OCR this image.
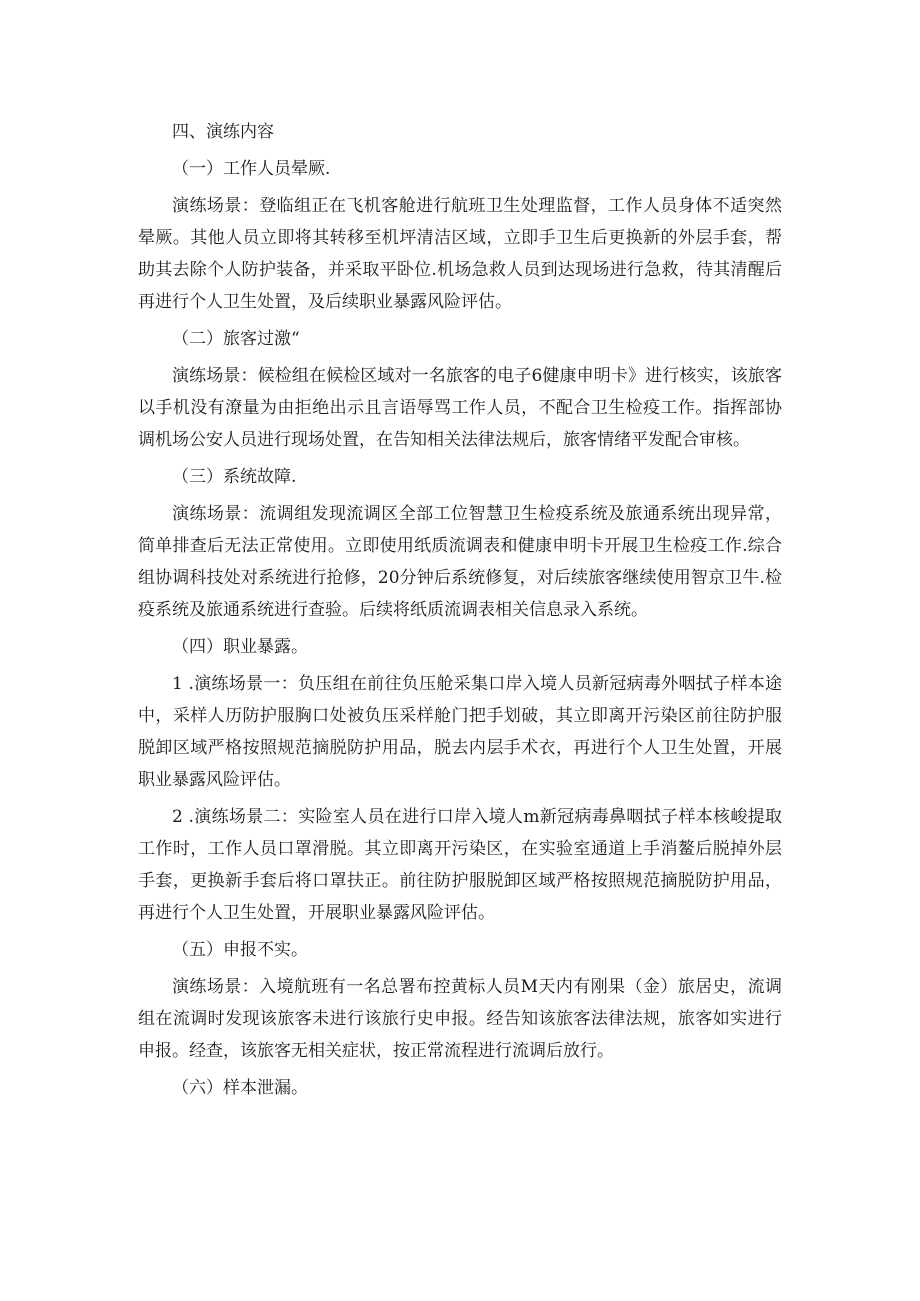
四、演练内容

（一）工作人员晕厥.

演练场景：登临组正在飞机客舱进行航班卫生处理监督，工作人员身体不适突然晕厥。其他人员立即将其转移至机坪清洁区域，立即手卫生后更换新的外层手套，帮助其去除个人防护装备，并采取平卧位.机场急救人员到达现场进行急救，待其清醒后再进行个人卫生处置，及后续职业暴露风险评估。

（二）旅客过激“

演练场景：候检组在候检区域对一名旅客的电子6健康申明卡》进行核实，该旅客以手机没有潦量为由拒绝出示且言语辱骂工作人员，不配合卫生检疫工作。指挥部协调机场公安人员进行现场处置，在告知相关法律法规后，旅客情绪平发配合审核。

（三）系统故障.

演练场景：流调组发现流调区全部工位智慧卫生检疫系统及旅通系统出现异常，简单排查后无法正常使用。立即使用纸质流调表和健康申明卡开展卫生检疫工作.综合组协调科技处对系统进行抢修，20分钟后系统修复，对后续旅客继续使用智京卫牛.检疫系统及旅通系统进行查验。后续将纸质流调表相关信息录入系统。

（四）职业暴露。

1 .演练场景一：负压组在前往负压舱采集口岸入境人员新冠病毒外咽拭子样本途中，采样人历防护服胸口处被负压采样舱门把手划破，其立即离开污染区前往防护服脱卸区域严格按照规范摘脱防护用品，脱去内层手术衣，再进行个人卫生处置，开展职业暴露风险评估。

2 .演练场景二：实险室人员在进行口岸入境人m新冠病毒鼻咽拭子样本核峻提取工作时，工作人员口罩滑脱。其立即离开污染区，在实验室通道上手消鳌后脱掉外层手套，更换新手套后将口罩扶正。前往防护服脱卸区域严格按照规范摘脱防护用品，再进行个人卫生处置，开展职业暴露风险评估。

（五）申报不实。

演练场景：入境航班有一名总署布控黄标人员M天内有刚果（金）旅居史，流调组在流调时发现该旅客未进行该旅行史申报。经告知该旅客法律法规，旅客如实进行申报。经查，该旅客无相关症状，按正常流程进行流调后放行。

（六）样本泄漏。
